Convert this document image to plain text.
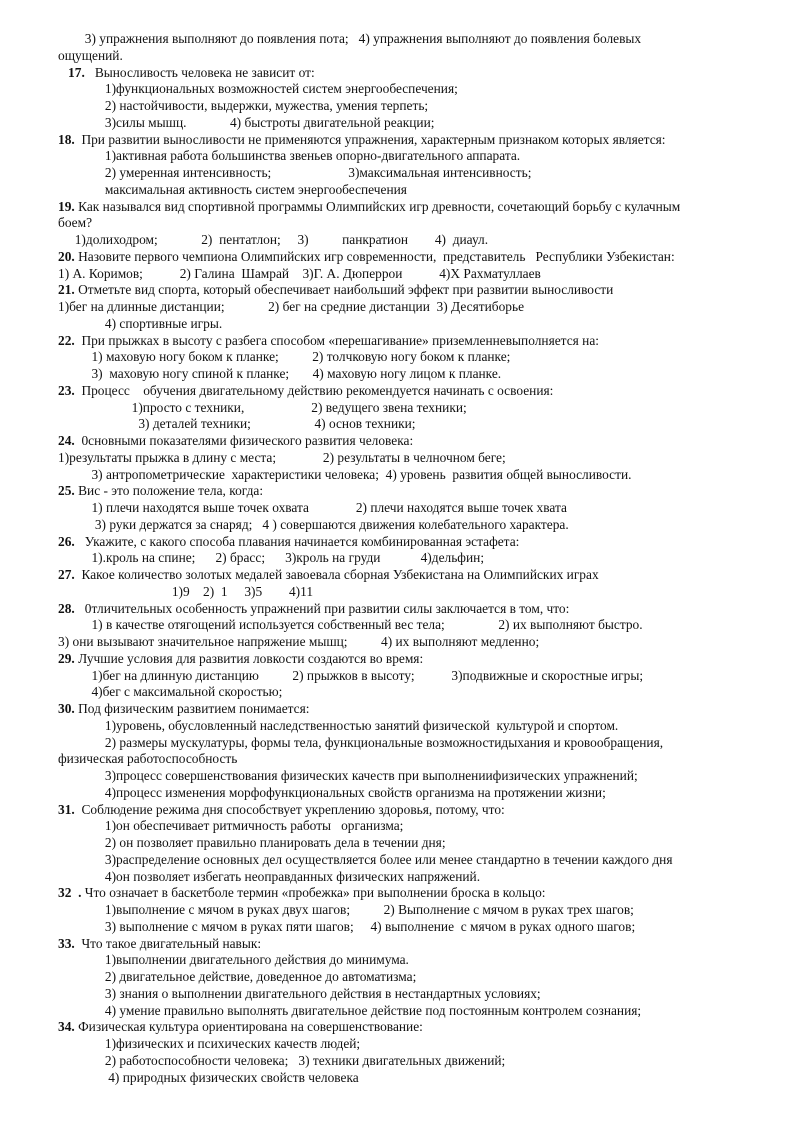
3) упражнения выполняют до появления пота;   4) упражнения выполняют до появления болевых
ощущений.
17.   Выносливость человека не зависит от:
1)функциональных возможностей систем энергообеспечения;
2) настойчивости, выдержки, мужества, умения терпеть;
3)силы мышц.             4) быстроты двигательной реакции;
18.  При развитии выносливости не применяются упражнения, характерным признаком которых является:
1)активная работа большинства звеньев опорно-двигательного аппарата.
2) умеренная интенсивность;                       3)максимальная интенсивность;
максимальная активность систем энергообеспечения
19. Как назывался вид спортивной программы Олимпийских игр древности, сочетающий борьбу с кулачным
боем?
1)долиходром;             2)  пентатлон;     3)          панкратион        4)  диаул.
20. Назовите первого чемпиона Олимпийских игр современности,  представитель   Республики Узбекистан:
1) А. Коримов;           2) Галина  Шамрай    3)Г. А. Дюперрои           4)Х Рахматуллаев
21. Отметьте вид спорта, который обеспечивает наибольший эффект при развитии выносливости
1)бег на длинные дистанции;             2) бег на средние дистанции  3) Десятиборье
4) спортивные игры.
22.  При прыжках в высоту с разбега способом «перешагивание» приземленневыполняется на:
1) маховую ногу боком к планке;          2) толчковую ногу боком к планке;
3)  маховую ногу спиной к планке;       4) маховую ногу лицом к планке.
23.  Процесс    обучения двигательному действию рекомендуется начинать с освоения:
1)просто с техники,                    2) ведущего звена техники;
3) деталей техники;                   4) основ техники;
24.  0сновными показателями физического развития человека:
1)результаты прыжка в длину с места;              2) результаты в челночном беге;
3) антропометрические  характеристики человека;  4) уровень  развития общей выносливости.
25. Вис - это положение тела, когда:
1) плечи находятся выше точек охвата              2) плечи находятся выше точек хвата
3) руки держатся за снаряд;   4 ) совершаются движения колебательного характера.
26.   Укажите, с какого способа плавания начинается комбинированная эстафета:
1).кроль на спине;      2) брасс;      3)кроль на груди            4)дельфин;
27.  Какое количество золотых медалей завоевала сборная Узбекистана на Олимпийских играх
1)9    2)  1     3)5        4)11
28.   0тличительных особенность упражнений при развитии силы заключается в том, что:
1) в качестве отягощений используется собственный вес тела;                2) их выполняют быстро.
3) они вызывают значительное напряжение мышц;          4) их выполняют медленно;
29. Лучшие условия для развития ловкости создаются во время:
1)бег на длинную дистанцию          2) прыжков в высоту;           3)подвижные и скоростные игры;
4)бег с максимальной скоростью;
30. Под физическим развитием понимается:
1)уровень, обусловленный наследственностью занятий физической  культурой и спортом.
2) размеры мускулатуры, формы тела, функциональные возможностидыхания и кровообращения,
физическая работоспособность
3)процесс совершенствования физических качеств при выполнениифизических упражнений;
4)процесс изменения морфофункциональных свойств организма на протяжении жизни;
31.  Соблюдение режима дня способствует укреплению здоровья, потому, что:
1)он обеспечивает ритмичность работы   организма;
2) он позволяет правильно планировать дела в течении дня;
3)распределение основных дел осуществляется более или менее стандартно в течении каждого дня
4)он позволяет избегать неоправданных физических напряжений.
32  . Что означает в баскетболе термин «пробежка» при выполнении броска в кольцо:
1)выполнение с мячом в руках двух шагов;          2) Выполнение с мячом в руках трех шагов;
3) выполнение с мячом в руках пяти шагов;     4) выполнение  с мячом в руках одного шагов;
33.  Что такое двигательный навык:
1)выполнении двигательного действия до минимума.
2) двигательное действие, доведенное до автоматизма;
3) знания о выполнении двигательного действия в нестандартных условиях;
4) умение правильно выполнять двигательное действие под постоянным контролем сознания;
34. Физическая культура ориентирована на совершенствование:
1)физических и психических качеств людей;
2) работоспособности человека;   3) техники двигательных движений;
4) природных физических свойств человека
